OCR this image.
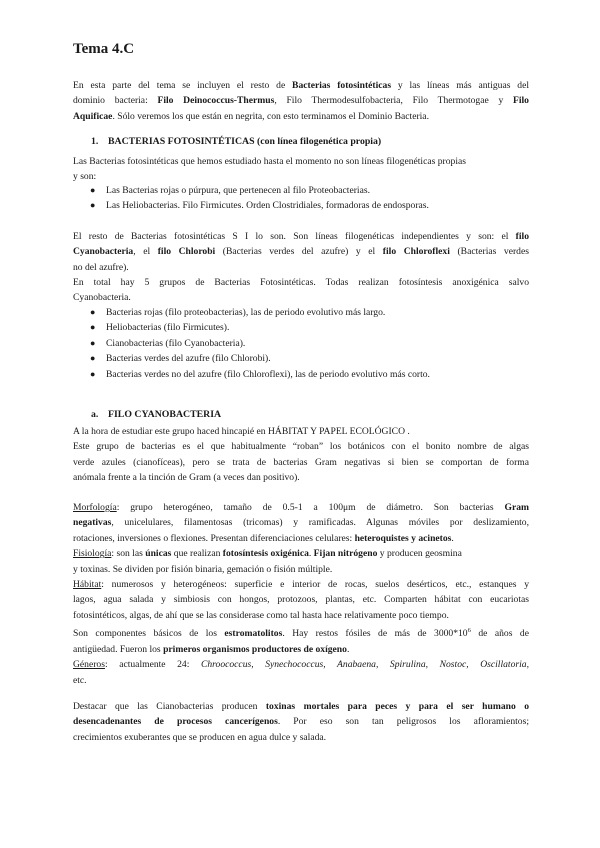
Tema 4.C
En esta parte del tema se incluyen el resto de Bacterias fotosintéticas y las líneas más antiguas del
dominio bacteria: Filo Deinococcus-Thermus, Filo Thermodesulfobacteria, Filo Thermotogae y Filo
Aquificae. Sólo veremos los que están en negrita, con esto terminamos el Dominio Bacteria.
1. BACTERIAS FOTOSINTÉTICAS (con línea filogenética propia)
Las Bacterias fotosintéticas que hemos estudiado hasta el momento no son líneas filogenéticas propias
y son:
● Las Bacterias rojas o púrpura, que pertenecen al filo Proteobacterias.
● Las Heliobacterias. Filo Firmicutes. Orden Clostridiales, formadoras de endosporas.
El resto de Bacterias fotosintéticas S I lo son. Son líneas filogenéticas independientes y son: el filo
Cyanobacteria, el filo Chlorobi (Bacterias verdes del azufre) y el filo Chloroflexi (Bacterias verdes
no del azufre).
En total hay 5 grupos de Bacterias Fotosintéticas. Todas realizan fotosíntesis anoxigénica salvo
Cyanobacteria.
● Bacterias rojas (filo proteobacterias), las de periodo evolutivo más largo.
● Heliobacterias (filo Firmicutes).
● Cianobacterias (filo Cyanobacteria).
● Bacterias verdes del azufre (filo Chlorobi).
● Bacterias verdes no del azufre (filo Chloroflexi), las de periodo evolutivo más corto.
a. FILO CYANOBACTERIA
A la hora de estudiar este grupo haced hincapié en HÁBITAT Y PAPEL ECOLÓGICO .
Este grupo de bacterias es el que habitualmente “roban” los botánicos con el bonito nombre de algas
verde azules (cianofíceas), pero se trata de bacterias Gram negativas si bien se comportan de forma
anómala frente a la tinción de Gram (a veces dan positivo).
Morfología: grupo heterogéneo, tamaño de 0.5-1 a 100μm de diámetro. Son bacterias Gram
negativas, unicelulares, filamentosas (tricomas) y ramificadas. Algunas móviles por deslizamiento,
rotaciones, inversiones o flexiones. Presentan diferenciaciones celulares: heteroquistes y acinetos.
Fisiología: son las únicas que realizan fotosíntesis oxigénica. Fijan nitrógeno y producen geosmina
y toxinas. Se dividen por fisión binaria, gemación o fisión múltiple.
Hábitat: numerosos y heterogéneos: superficie e interior de rocas, suelos desérticos, etc., estanques y
lagos, agua salada y simbiosis con hongos, protozoos, plantas, etc. Comparten hábitat con eucariotas
fotosintéticos, algas, de ahí que se las considerase como tal hasta hace relativamente poco tiempo.
Son componentes básicos de los estromatolitos. Hay restos fósiles de más de $3000*10^6$ de años de
antigüedad. Fueron los primeros organismos productores de oxígeno.
Géneros: actualmente 24: Chroococcus, Synechococcus, Anabaena, Spirulina, Nostoc, Oscillatoria,
etc.
Destacar que las Cianobacterias producen toxinas mortales para peces y para el ser humano o
desencadenantes de procesos cancerígenos. Por eso son tan peligrosos los afloramientos;
crecimientos exuberantes que se producen en agua dulce y salada.
